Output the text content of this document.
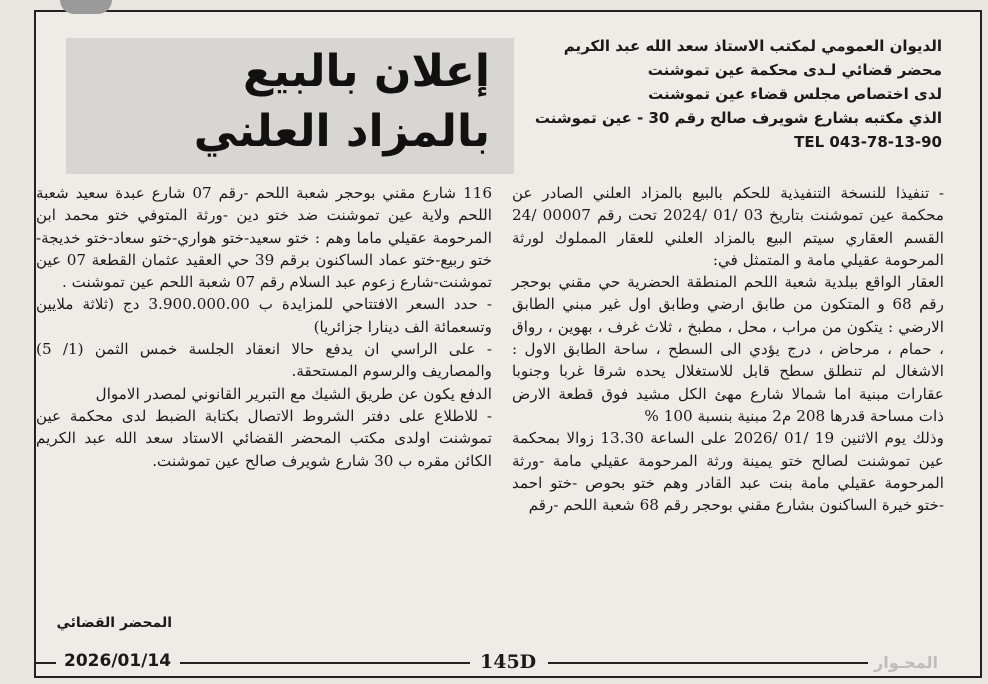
إعلان بالبيع
بالمزاد العلني
الديوان العمومي لمكتب الاستاذ سعد الله عبد الكريم
محضر قضائي لـدى محكمة عين تموشنت
لدى اختصاص مجلس قضاء عين تموشنت
الذي مكتبه بشارع شويرف صالح رقم 30 - عين تموشنت
TEL 043-78-13-90

- تنفيذا للنسخة التنفيذية للحكم بالبيع بالمزاد العلني الصادر عن محكمة عين تموشنت بتاريخ 03 /01 /2024 تحت رقم 00007 /24 القسم العقاري سيتم البيع بالمزاد العلني للعقار المملوك لورثة المرحومة عقيلي مامة و المتمثل في:

العقار الواقع ببلدية شعبة اللحم المنطقة الحضرية حي مقني بوحجر رقم 68 و المتكون من طابق ارضي وطابق اول غير مبني الطابق الارضي : يتكون من مراب ، محل ، مطبخ ، ثلاث غرف ، بهوين ، رواق ، حمام ، مرحاض ، درج يؤدي الى السطح ، ساحة الطابق الاول : الاشغال لم تنطلق سطح قابل للاستغلال يحده شرقا غربا وجنوبا عقارات مبنية اما شمالا شارع مهئ الكل مشيد فوق قطعة الارض ذات مساحة قدرها 208 م2 مبنية بنسبة 100 %

وذلك يوم الاثنين 19 /01 /2026 على الساعة 13.30 زوالا بمحكمة عين تموشنت لصالح ختو يمينة ورثة المرحومة عقيلي مامة -ورثة المرحومة عقيلي مامة بنت عبد القادر وهم ختو بحوص -ختو احمد -ختو خيرة الساكنون بشارع مقني بوحجر رقم 68 شعبة اللحم -رقم

116 شارع مقني بوحجر شعبة اللحم -رقم 07 شارع عبدة سعيد شعبة اللحم ولاية عين تموشنت ضد ختو دين -ورثة المتوفي ختو محمد ابن المرحومة عقيلي ماما وهم : ختو سعيد-ختو هواري-ختو سعاد-ختو خديجة-ختو ربيع-ختو عماد الساكنون برقم 39 حي العقيد عثمان القطعة 07 عين تموشنت-شارع زعوم عبد السلام رقم 07 شعبة اللحم عين تموشنت .

- حدد السعر الافتتاحي للمزايدة ب 3.900.000.00 دج (ثلاثة ملايين وتسعمائة الف دينارا جزائريا)

- على الراسي ان يدفع حالا انعقاد الجلسة خمس الثمن (1/ 5) والمصاريف والرسوم المستحقة.

الدفع يكون عن طريق الشيك مع التبرير القانوني لمصدر الاموال

- للاطلاع على دفتر الشروط الاتصال بكتابة الضبط لدى محكمة عين تموشنت اولدى مكتب المحضر القضائي الاستاد سعد الله عبد الكريم الكائن مقره ب 30 شارع شويرف صالح عين تموشنت.

المحضر القضائي
2026/01/14	145D	المحـوار
